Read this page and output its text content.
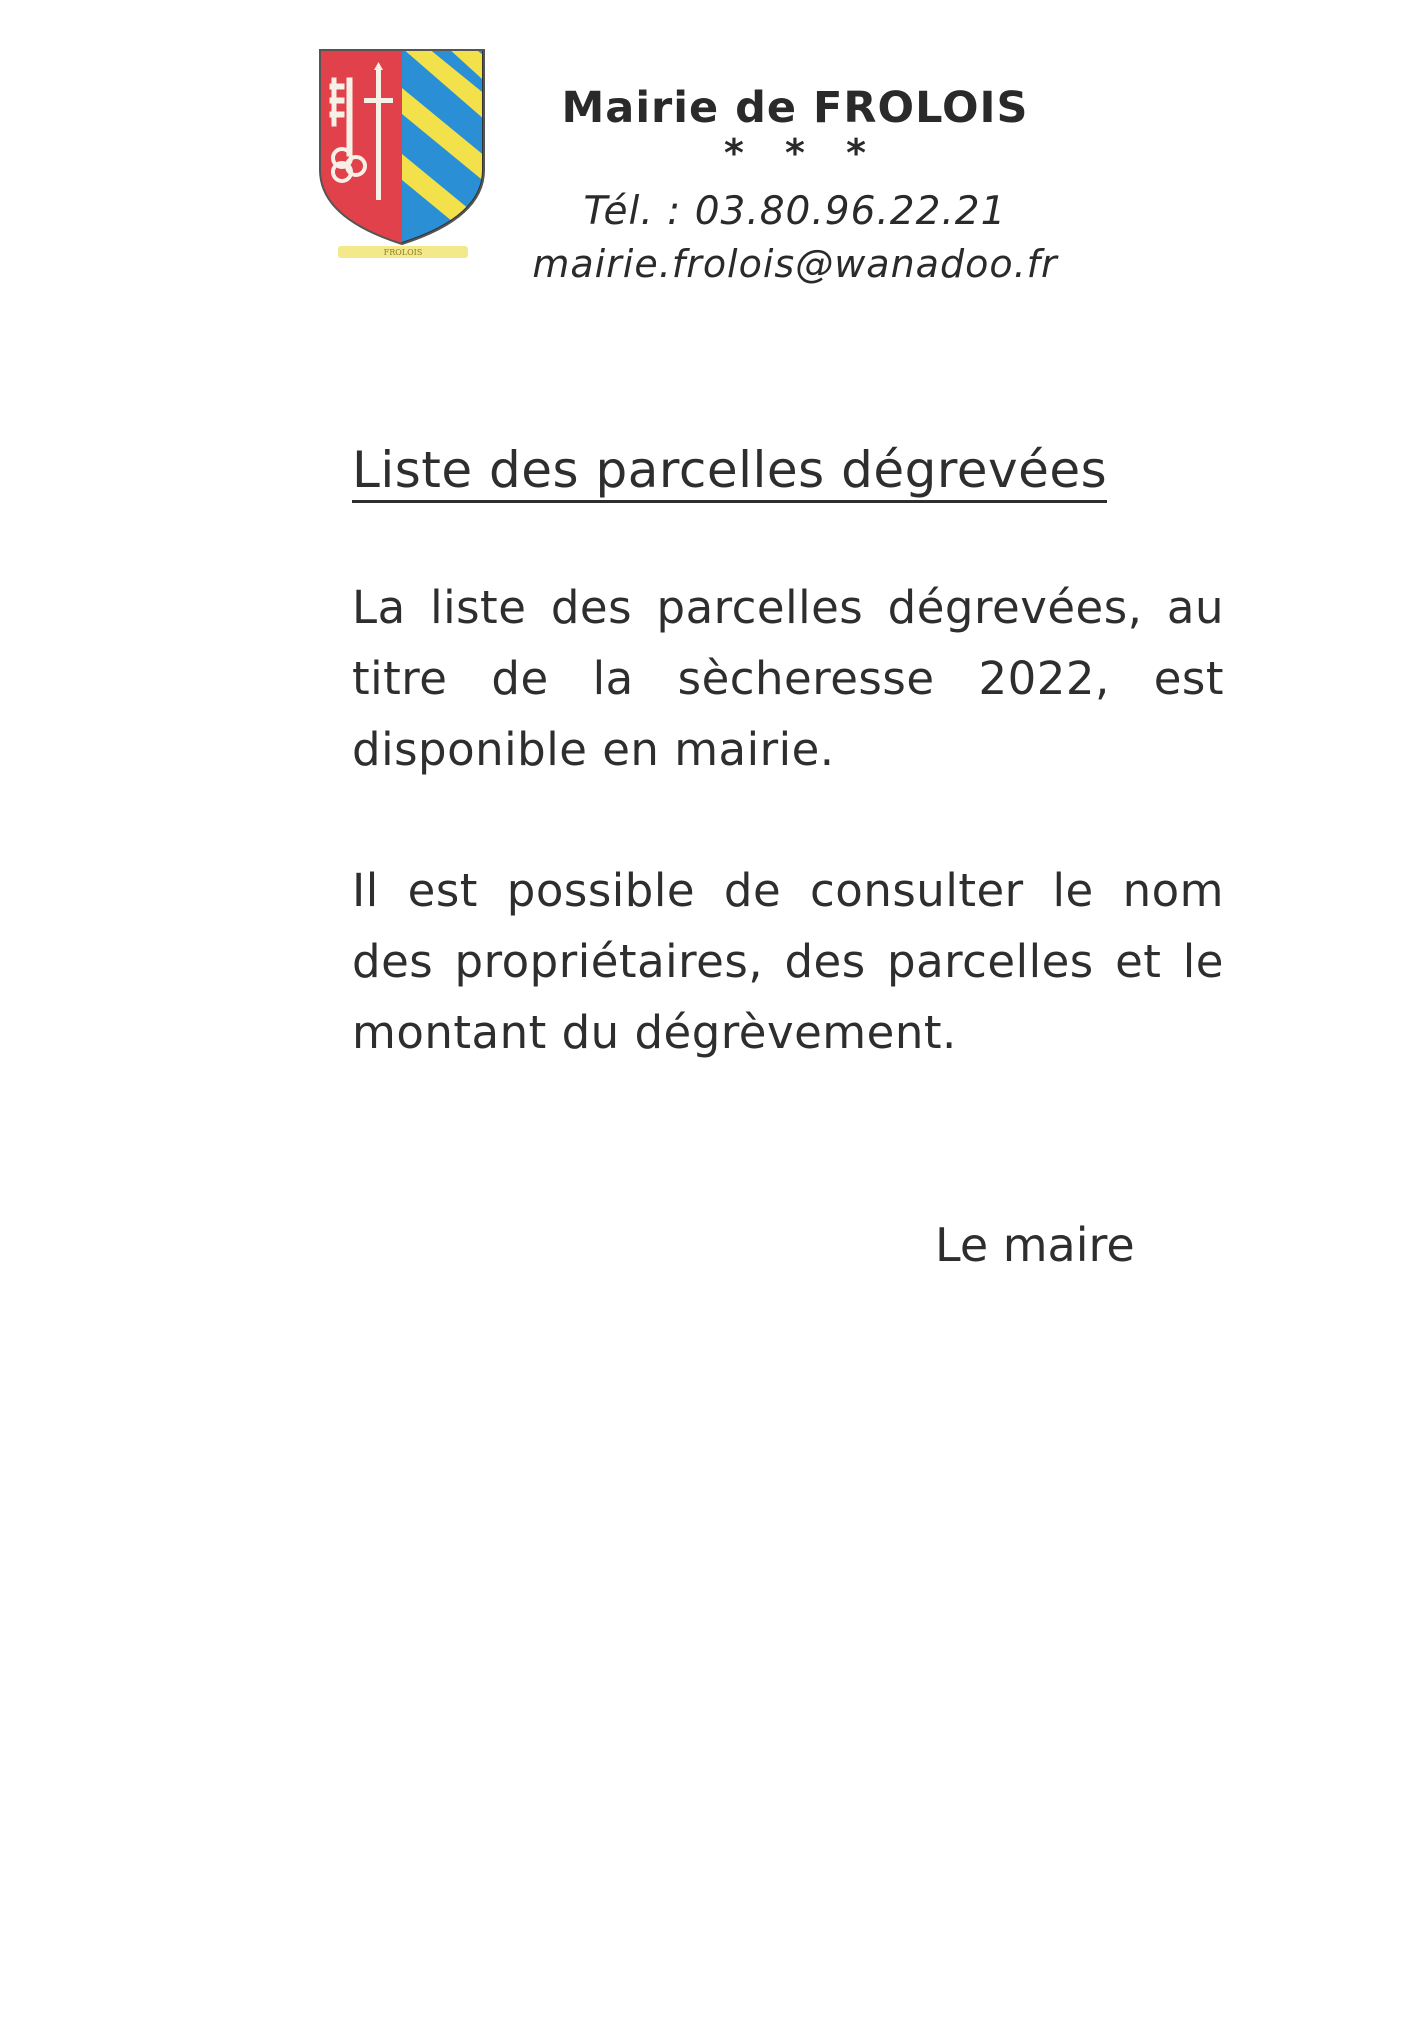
FROLOIS
Mairie de FROLOIS
* * *
Tél. : 03.80.96.22.21
mairie.frolois@wanadoo.fr
Liste des parcelles dégrevées
La liste des parcelles dégrevées, au titre de la sècheresse 2022, est disponible en mairie.
Il est possible de consulter le nom des propriétaires, des parcelles et le montant du dégrèvement.
Le maire
